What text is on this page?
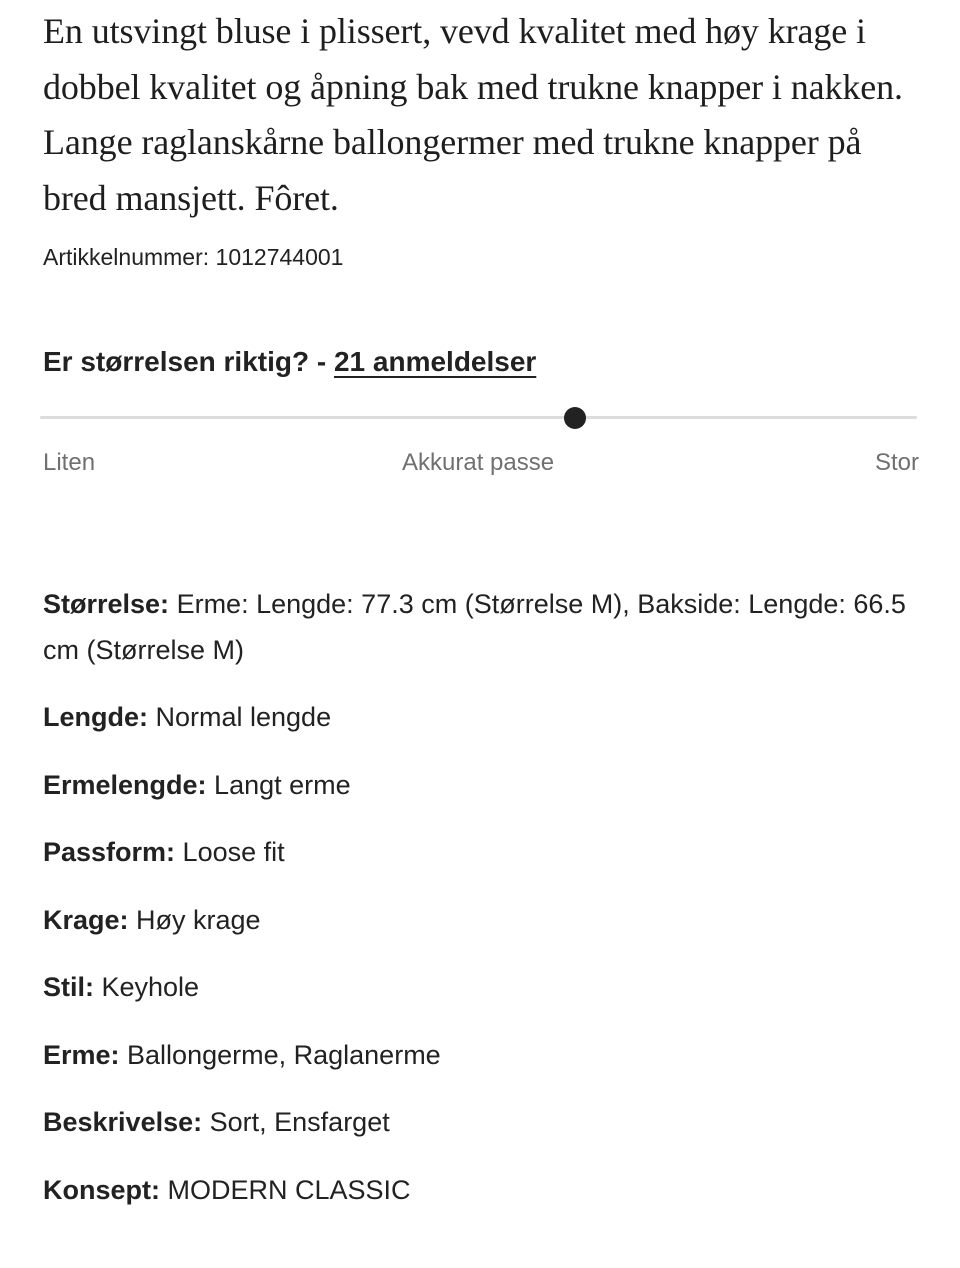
En utsvingt bluse i plissert, vevd kvalitet med høy krage i dobbel kvalitet og åpning bak med trukne knapper i nakken. Lange raglanskårne ballongermer med trukne knapper på bred mansjett. Fôret.

Artikkelnummer: 1012744001
Er størrelsen riktig? - 21 anmeldelser
Liten	Akkurat passe	Stor
Størrelse: Erme: Lengde: 77.3 cm (Størrelse M), Bakside: Lengde: 66.5 cm (Størrelse M)
Lengde: Normal lengde
Ermelengde: Langt erme
Passform: Loose fit
Krage: Høy krage
Stil: Keyhole
Erme: Ballongerme, Raglanerme
Beskrivelse: Sort, Ensfarget
Konsept: MODERN CLASSIC
